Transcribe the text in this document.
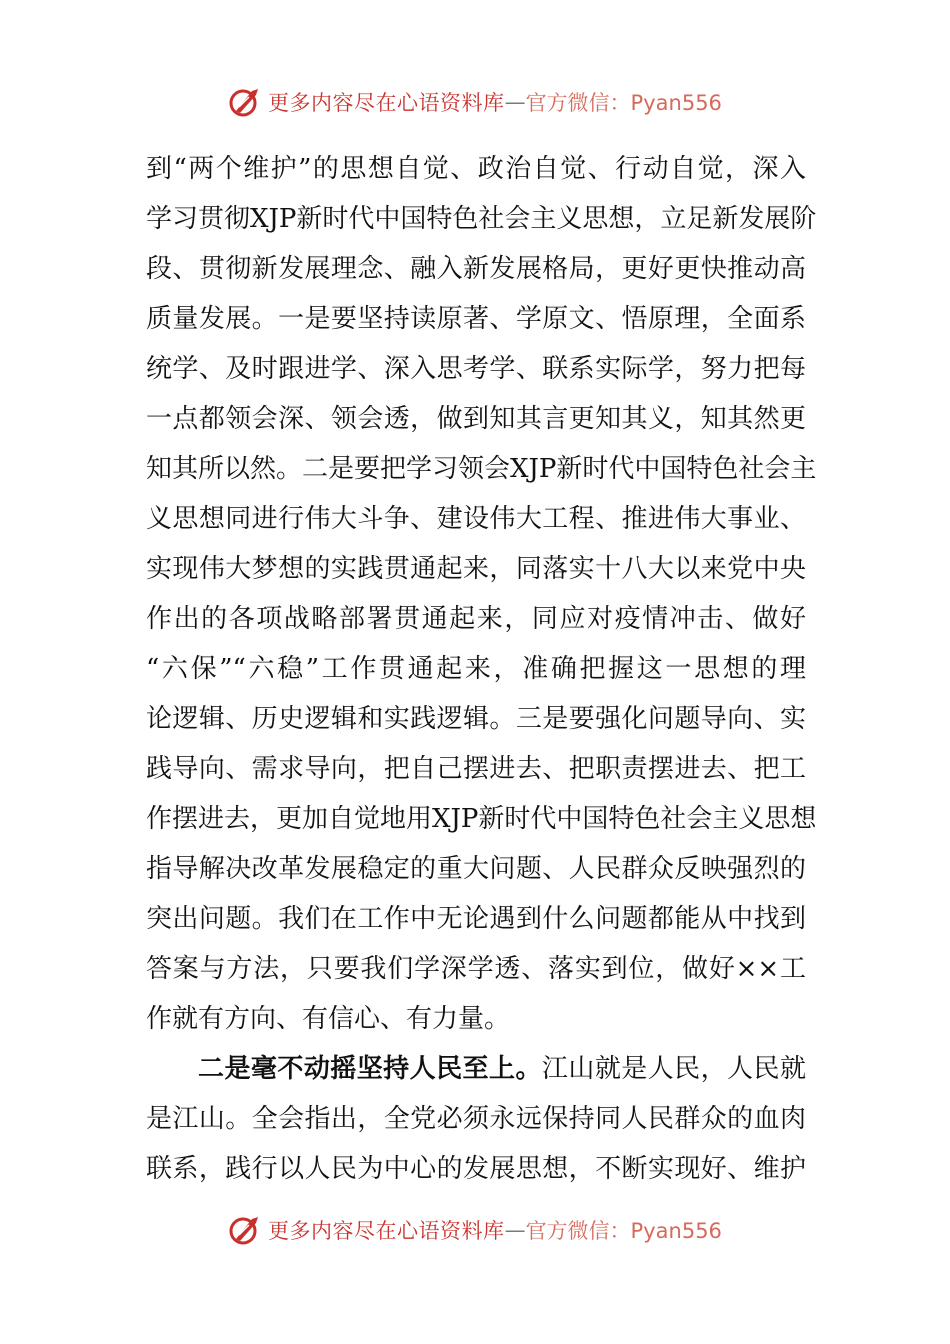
更多内容尽在心语资料库 — 官方微信：Pyan556
到“两个维护”的思想自觉、政治自觉、行动自觉，深入
学习贯彻XJP新时代中国特色社会主义思想，立足新发展阶
段、贯彻新发展理念、融入新发展格局，更好更快推动高
质量发展。一是要坚持读原著、学原文、悟原理，全面系
统学、及时跟进学、深入思考学、联系实际学，努力把每
一点都领会深、领会透，做到知其言更知其义，知其然更
知其所以然。二是要把学习领会XJP新时代中国特色社会主
义思想同进行伟大斗争、建设伟大工程、推进伟大事业、
实现伟大梦想的实践贯通起来，同落实十八大以来党中央
作出的各项战略部署贯通起来，同应对疫情冲击、做好
“六保”“六稳”工作贯通起来，准确把握这一思想的理
论逻辑、历史逻辑和实践逻辑。三是要强化问题导向、实
践导向、需求导向，把自己摆进去、把职责摆进去、把工
作摆进去，更加自觉地用XJP新时代中国特色社会主义思想
指导解决改革发展稳定的重大问题、人民群众反映强烈的
突出问题。我们在工作中无论遇到什么问题都能从中找到
答案与方法，只要我们学深学透、落实到位，做好××工
作就有方向、有信心、有力量。
二是毫不动摇坚持人民至上。江山就是人民，人民就
是江山。全会指出，全党必须永远保持同人民群众的血肉
联系，践行以人民为中心的发展思想，不断实现好、维护
更多内容尽在心语资料库 — 官方微信：Pyan556
